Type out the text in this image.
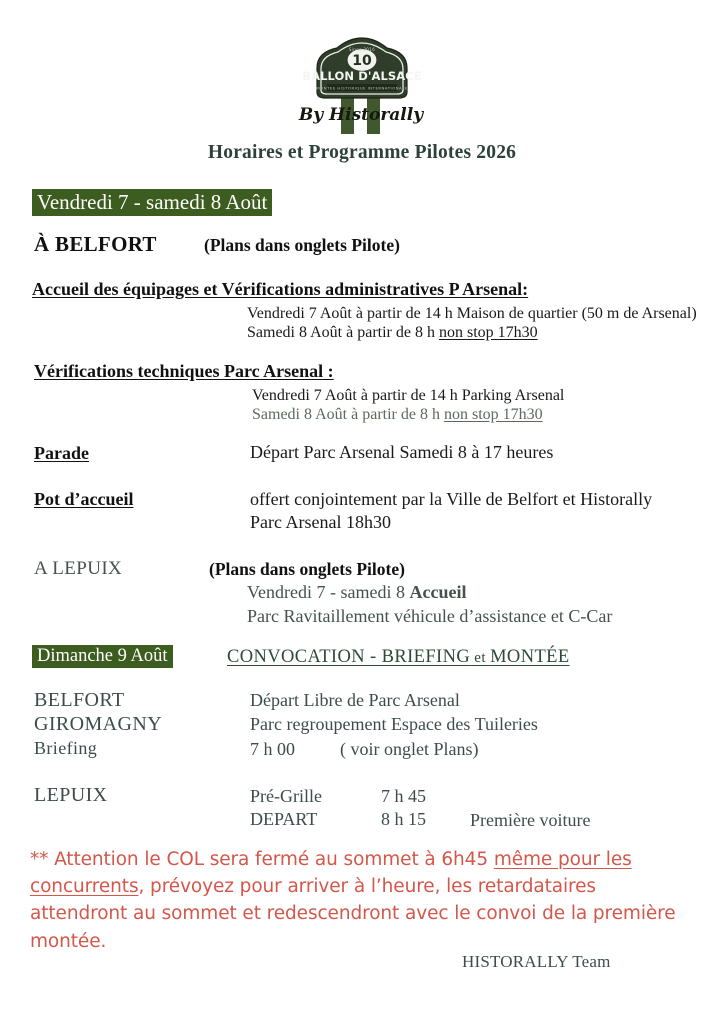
10
Since 2016
BALLON D'ALSACE
MONTEE HISTORIQUE INTERNATIONALE
By Historally
Horaires et Programme Pilotes 2026
Vendredi 7 - samedi 8 Août
À BELFORT	(Plans dans onglets Pilote)
Accueil des équipages et Vérifications administratives P Arsenal:
Vendredi 7 Août à partir de 14 h Maison de quartier (50 m de Arsenal)
Samedi 8 Août à partir de 8 h non stop 17h30
Vérifications techniques Parc Arsenal :
Vendredi 7 Août à partir de 14 h Parking Arsenal
Samedi 8 Août à partir de 8 h non stop 17h30
Parade	Départ Parc Arsenal Samedi 8 à 17 heures
Pot d’accueil	offert conjointement par la Ville de Belfort et Historally
Parc Arsenal 18h30
A LEPUIX	(Plans dans onglets Pilote)
Vendredi 7 - samedi 8 Accueil
Parc Ravitaillement véhicule d’assistance et C-Car
Dimanche 9 Août	CONVOCATION - BRIEFING et MONTÉE
BELFORT	Départ Libre de Parc Arsenal
GIROMAGNY	Parc regroupement Espace des Tuileries
Briefing	7 h 00	( voir onglet Plans)
LEPUIX	Pré-Grille	7 h 45
DEPART	8 h 15 Première voiture
** Attention le COL sera fermé au sommet à 6h45 même pour les concurrents, prévoyez pour arriver à l’heure, les retardataires attendront au sommet et redescendront avec le convoi de la première montée.
HISTORALLY Team
